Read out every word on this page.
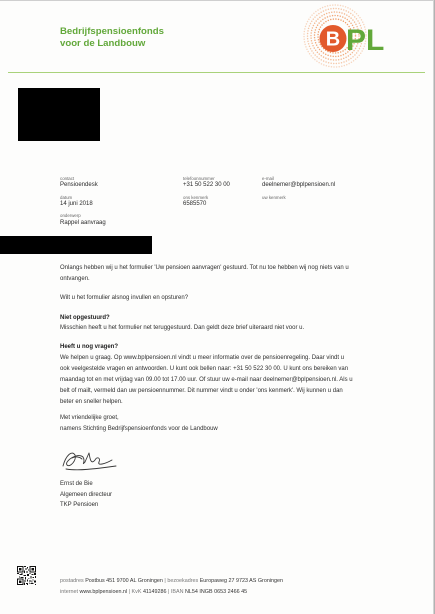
Bedrijfspensioenfonds
voor de Landbouw	B PL
contact
Pensioendesk
telefoonnummer
+31 50 522 30 00
e-mail
deelnemer@bplpensioen.nl
datum
14 juni 2018
ons kenmerk
6585570
uw kenmerk
onderwerp
Rappel aanvraag
Onlangs hebben wij u het formulier 'Uw pensioen aanvragen' gestuurd. Tot nu toe hebben wij nog niets van u
ontvangen.
Wilt u het formulier alsnog invullen en opsturen?
Niet opgestuurd?
Misschien heeft u het formulier net teruggestuurd. Dan geldt deze brief uiteraard niet voor u.
Heeft u nog vragen?
We helpen u graag. Op www.bplpensioen.nl vindt u meer informatie over de pensioenregeling. Daar vindt u
ook veelgestelde vragen en antwoorden. U kunt ook bellen naar: +31 50 522 30 00. U kunt ons bereiken van
maandag tot en met vrijdag van 09.00 tot 17.00 uur. Of stuur uw e-mail naar deelnemer@bplpensioen.nl. Als u
belt of mailt, vermeld dan uw pensioennummer. Dit nummer vindt u onder 'ons kenmerk'. Wij kunnen u dan
beter en sneller helpen.
Met vriendelijke groet,
namens Stichting Bedrijfspensioenfonds voor de Landbouw
Ernst de Bie
Algemeen directeur
TKP Pensioen
postadres Postbus 451 9700 AL Groningen | bezoekadres Europaweg 27 9723 AS Groningen
internet www.bplpensioen.nl | KvK 41149286 | IBAN NL54 INGB 0653 2466 45
